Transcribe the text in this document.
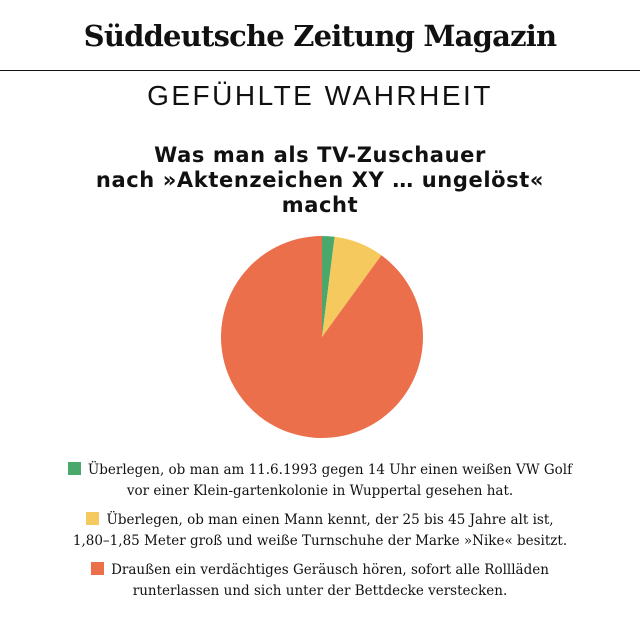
Süddeutsche Zeitung Magazin
GEFÜHLTE WAHRHEIT
Was man als TV-Zuschauer
nach »Aktenzeichen XY … ungelöst«
macht
Überlegen, ob man am 11.6.1993 gegen 14 Uhr einen weißen VW Golf
vor einer Klein-gartenkolonie in Wuppertal gesehen hat.
Überlegen, ob man einen Mann kennt, der 25 bis 45 Jahre alt ist,
1,80–1,85 Meter groß und weiße Turnschuhe der Marke »Nike« besitzt.
Draußen ein verdächtiges Geräusch hören, sofort alle Rollläden
runterlassen und sich unter der Bettdecke verstecken.
